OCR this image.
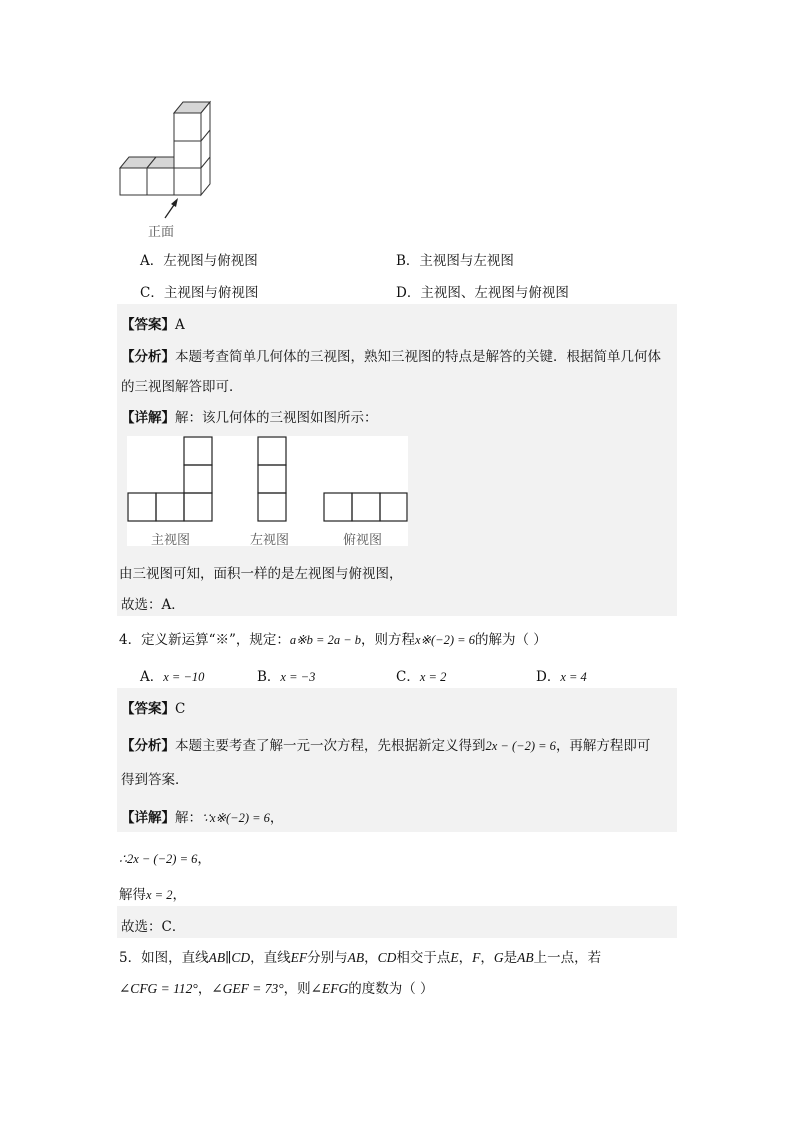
正面
A．左视图与俯视图	B．主视图与左视图
C．主视图与俯视图	D．主视图、左视图与俯视图
【答案】A
【分析】本题考查简单几何体的三视图，熟知三视图的特点是解答的关键．根据简单几何体
的三视图解答即可．
【详解】解：该几何体的三视图如图所示：
主视图	左视图	俯视图
由三视图可知，面积一样的是左视图与俯视图，
故选：A．
4．定义新运算“※”，规定：a※b = 2a − b，则方程x※(−2) = 6的解为（ ）
A．x = −10	B．x = −3	C．x = 2	D．x = 4
【答案】C
【分析】本题主要考查了解一元一次方程，先根据新定义得到2x − (−2) = 6，再解方程即可
得到答案．
【详解】解：∵x※(−2) = 6，
∴2x − (−2) = 6，
解得x = 2，
故选：C．
5．如图，直线AB∥CD，直线EF分别与AB，CD相交于点E，F，G是AB上一点，若
∠CFG = 112°，∠GEF = 73°，则∠EFG的度数为（ ）
